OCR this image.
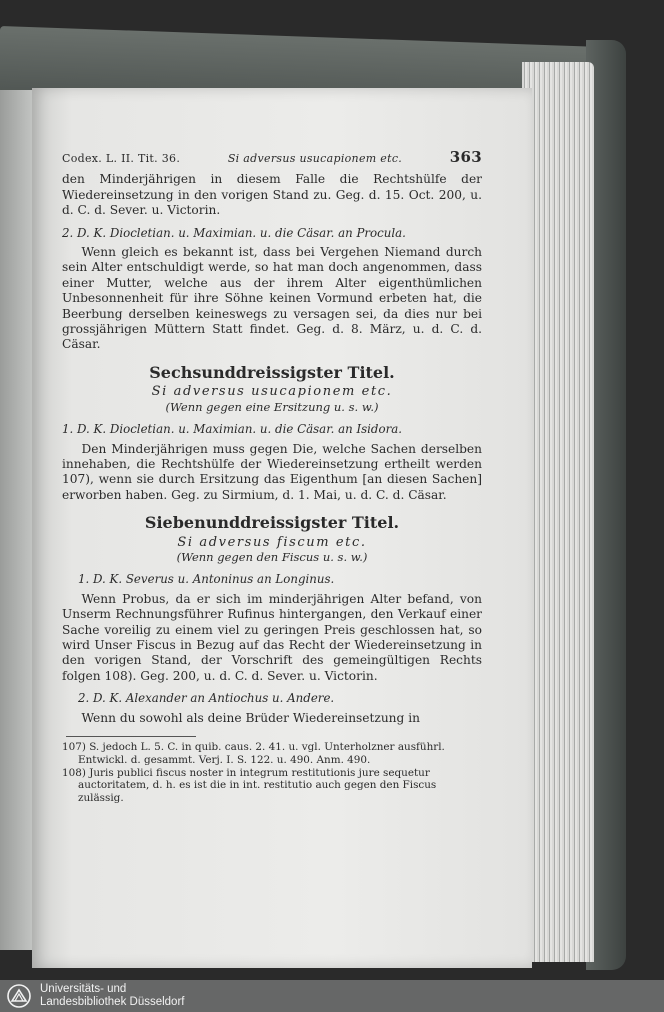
Codex. L. II. Tit. 36.	Si adversus usucapionem etc.	363

den Minderjährigen in diesem Falle die Rechtshülfe der Wiedereinsetzung in den vorigen Stand zu. Geg. d. 15. Oct. 200, u. d. C. d. Sever. u. Victorin.

2. D. K. Diocletian. u. Maximian. u. die Cäsar. an Procula.

Wenn gleich es bekannt ist, dass bei Vergehen Niemand durch sein Alter entschuldigt werde, so hat man doch angenommen, dass einer Mutter, welche aus der ihrem Alter eigenthümlichen Unbesonnenheit für ihre Söhne keinen Vormund erbeten hat, die Beerbung derselben keineswegs zu versagen sei, da dies nur bei grossjährigen Müttern Statt findet. Geg. d. 8. März, u. d. C. d. Cäsar.

Sechsunddreissigster Titel.
Si adversus usucapionem etc.
(Wenn gegen eine Ersitzung u. s. w.)
1. D. K. Diocletian. u. Maximian. u. die Cäsar. an Isidora.

Den Minderjährigen muss gegen Die, welche Sachen derselben innehaben, die Rechtshülfe der Wiedereinsetzung ertheilt werden 107), wenn sie durch Ersitzung das Eigenthum [an diesen Sachen] erworben haben. Geg. zu Sirmium, d. 1. Mai, u. d. C. d. Cäsar.

Siebenunddreissigster Titel.
Si adversus fiscum etc.
(Wenn gegen den Fiscus u. s. w.)
1. D. K. Severus u. Antoninus an Longinus.

Wenn Probus, da er sich im minderjährigen Alter befand, von Unserm Rechnungsführer Rufinus hintergangen, den Verkauf einer Sache voreilig zu einem viel zu geringen Preis geschlossen hat, so wird Unser Fiscus in Bezug auf das Recht der Wiedereinsetzung in den vorigen Stand, der Vorschrift des gemeingültigen Rechts folgen 108). Geg. 200, u. d. C. d. Sever. u. Victorin.

2. D. K. Alexander an Antiochus u. Andere.

Wenn du sowohl als deine Brüder Wiedereinsetzung in

107) S. jedoch L. 5. C. in quib. caus. 2. 41. u. vgl. Unterholzner ausführl. Entwickl. d. gesammt. Verj. I. S. 122. u. 490. Anm. 490.

108) Juris publici fiscus noster in integrum restitutionis jure sequetur auctoritatem, d. h. es ist die in int. restitutio auch gegen den Fiscus zulässig.

Universitäts- und
Landesbibliothek Düsseldorf
